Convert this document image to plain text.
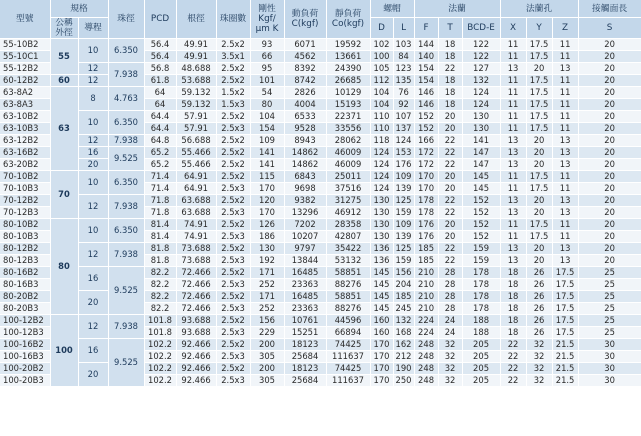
型號	規格		珠徑	PCD	根徑	珠圈數	剛性Kgf/μm K	動負荷C(kgf)	靜負荷Co(kgf)	螺帽		法蘭			法蘭孔			接觸面長
	公稱外徑	導程								D	L	F	T	BCD-E	X	Y	Z	S
55-10B2	55	10	6.350	56.4	49.91	2.5x2	93	6071	19592	102	103	144	18	122	11	17.5	11	20
55-10C1				56.4	49.91	3.5x1	66	4562	13661	100	84	140	18	122	11	17.5	11	20
55-12B2		12	7.938	56.8	48.688	2.5x2	95	8392	24390	105	123	154	22	127	13	20	13	20
60-12B2	60	12		61.8	53.688	2.5x2	101	8742	26685	112	135	154	18	132	11	17.5	11	20
63-8A2	63	8	4.763	64	59.132	1.5x2	54	2826	10129	104	76	146	18	124	11	17.5	11	20
63-8A3				64	59.132	1.5x3	80	4004	15193	104	92	146	18	124	11	17.5	11	20
63-10B2		10	6.350	64.4	57.91	2.5x2	104	6533	22371	110	107	152	20	130	11	17.5	11	20
63-10B3				64.4	57.91	2.5x3	154	9528	33556	110	137	152	20	130	11	17.5	11	20
63-12B2		12	7.938	64.8	56.688	2.5x2	109	8943	28062	118	124	166	22	141	13	20	13	20
63-16B2		16	9.525	65.2	55.466	2.5x2	141	14862	46009	124	153	172	22	147	13	20	13	20
63-20B2		20		65.2	55.466	2.5x2	141	14862	46009	124	176	172	22	147	13	20	13	20
70-10B2	70	10	6.350	71.4	64.91	2.5x2	115	6843	25011	124	109	170	20	145	11	17.5	11	20
70-10B3				71.4	64.91	2.5x3	170	9698	37516	124	139	170	20	145	11	17.5	11	20
70-12B2		12	7.938	71.8	63.688	2.5x2	120	9382	31275	130	125	178	22	152	13	20	13	20
70-12B3				71.8	63.688	2.5x3	170	13296	46912	130	159	178	22	152	13	20	13	20
80-10B2	80	10	6.350	81.4	74.91	2.5x2	126	7202	28358	130	109	176	20	152	11	17.5	11	20
80-10B3				81.4	74.91	2.5x3	186	10207	42807	130	139	176	20	152	11	17.5	11	20
80-12B2		12	7.938	81.8	73.688	2.5x2	130	9797	35422	136	125	185	22	159	13	20	13	20
80-12B3				81.8	73.688	2.5x3	192	13844	53132	136	159	185	22	159	13	20	13	20
80-16B2		16	9.525	82.2	72.466	2.5x2	171	16485	58851	145	156	210	28	178	18	26	17.5	25
80-16B3				82.2	72.466	2.5x3	252	23363	88276	145	204	210	28	178	18	26	17.5	25
80-20B2		20		82.2	72.466	2.5x2	171	16485	58851	145	185	210	28	178	18	26	17.5	25
80-20B3				82.2	72.466	2.5x3	252	23363	88276	145	245	210	28	178	18	26	17.5	25
100-12B2	100	12	7.938	101.8	93.688	2.5x2	156	10761	44596	160	132	224	24	188	18	26	17.5	25
100-12B3				101.8	93.688	2.5x3	229	15251	66894	160	168	224	24	188	18	26	17.5	25
100-16B2		16	9.525	102.2	92.466	2.5x2	200	18123	74425	170	162	248	32	205	22	32	21.5	30
100-16B3				102.2	92.466	2.5x3	305	25684	111637	170	212	248	32	205	22	32	21.5	30
100-20B2		20		102.2	92.466	2.5x2	200	18123	74425	170	190	248	32	205	22	32	21.5	30
100-20B3				102.2	92.466	2.5x3	305	25684	111637	170	250	248	32	205	22	32	21.5	30
